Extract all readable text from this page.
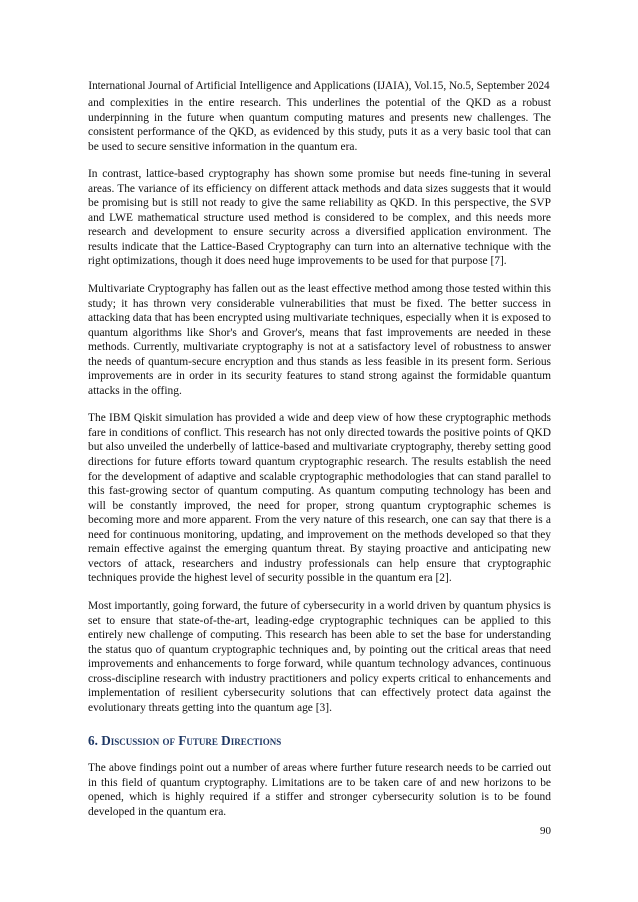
International Journal of Artificial Intelligence and Applications (IJAIA), Vol.15, No.5, September 2024

and complexities in the entire research. This underlines the potential of the QKD as a robust underpinning in the future when quantum computing matures and presents new challenges. The consistent performance of the QKD, as evidenced by this study, puts it as a very basic tool that can be used to secure sensitive information in the quantum era.

In contrast, lattice-based cryptography has shown some promise but needs fine-tuning in several areas. The variance of its efficiency on different attack methods and data sizes suggests that it would be promising but is still not ready to give the same reliability as QKD. In this perspective, the SVP and LWE mathematical structure used method is considered to be complex, and this needs more research and development to ensure security across a diversified application environment. The results indicate that the Lattice-Based Cryptography can turn into an alternative technique with the right optimizations, though it does need huge improvements to be used for that purpose [7].

Multivariate Cryptography has fallen out as the least effective method among those tested within this study; it has thrown very considerable vulnerabilities that must be fixed. The better success in attacking data that has been encrypted using multivariate techniques, especially when it is exposed to quantum algorithms like Shor's and Grover's, means that fast improvements are needed in these methods. Currently, multivariate cryptography is not at a satisfactory level of robustness to answer the needs of quantum-secure encryption and thus stands as less feasible in its present form. Serious improvements are in order in its security features to stand strong against the formidable quantum attacks in the offing.

The IBM Qiskit simulation has provided a wide and deep view of how these cryptographic methods fare in conditions of conflict. This research has not only directed towards the positive points of QKD but also unveiled the underbelly of lattice-based and multivariate cryptography, thereby setting good directions for future efforts toward quantum cryptographic research. The results establish the need for the development of adaptive and scalable cryptographic methodologies that can stand parallel to this fast-growing sector of quantum computing. As quantum computing technology has been and will be constantly improved, the need for proper, strong quantum cryptographic schemes is becoming more and more apparent. From the very nature of this research, one can say that there is a need for continuous monitoring, updating, and improvement on the methods developed so that they remain effective against the emerging quantum threat. By staying proactive and anticipating new vectors of attack, researchers and industry professionals can help ensure that cryptographic techniques provide the highest level of security possible in the quantum era [2].

Most importantly, going forward, the future of cybersecurity in a world driven by quantum physics is set to ensure that state-of-the-art, leading-edge cryptographic techniques can be applied to this entirely new challenge of computing. This research has been able to set the base for understanding the status quo of quantum cryptographic techniques and, by pointing out the critical areas that need improvements and enhancements to forge forward, while quantum technology advances, continuous cross-discipline research with industry practitioners and policy experts critical to enhancements and implementation of resilient cybersecurity solutions that can effectively protect data against the evolutionary threats getting into the quantum age [3].

6. Discussion of Future Directions

The above findings point out a number of areas where further future research needs to be carried out in this field of quantum cryptography. Limitations are to be taken care of and new horizons to be opened, which is highly required if a stiffer and stronger cybersecurity solution is to be found developed in the quantum era.

90
